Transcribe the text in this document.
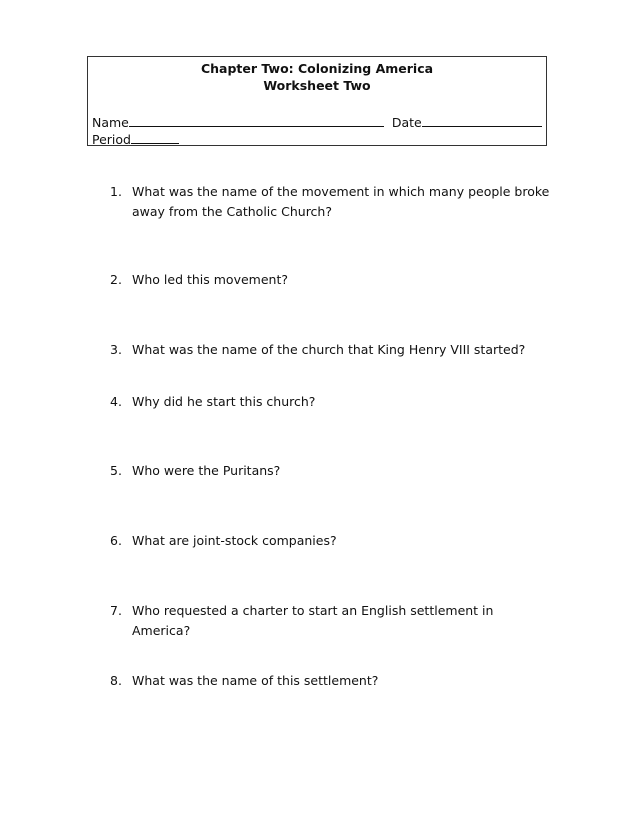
Chapter Two: Colonizing America
Worksheet Two
Name	Date
Period
1. What was the name of the movement in which many people broke away from the Catholic Church?
2. Who led this movement?
3. What was the name of the church that King Henry VIII started?
4. Why did he start this church?
5. Who were the Puritans?
6. What are joint-stock companies?
7. Who requested a charter to start an English settlement in America?
8. What was the name of this settlement?
